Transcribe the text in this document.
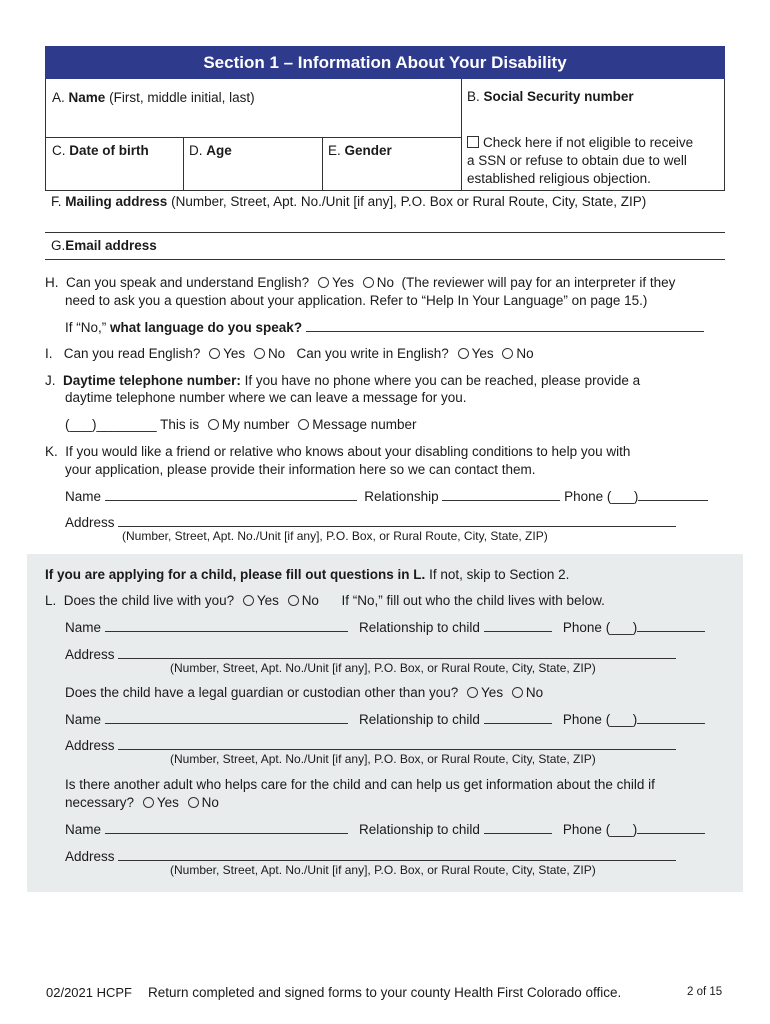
Section 1 – Information About Your Disability
A. Name (First, middle initial, last)	B. Social Security number
Check here if not eligible to receive
a SSN or refuse to obtain due to well
established religious objection.
C. Date of birth	D. Age	E. Gender
F. Mailing address (Number, Street, Apt. No./Unit [if any], P.O. Box or Rural Route, City, State, ZIP)
G.Email address
H. Can you speak and understand English? Yes No (The reviewer will pay for an interpreter if they
need to ask you a question about your application. Refer to “Help In Your Language” on page 15.)
If “No,” what language do you speak?
I. Can you read English? Yes No Can you write in English? Yes No
J. Daytime telephone number: If you have no phone where you can be reached, please provide a
daytime telephone number where we can leave a message for you.
(___)________ This is My number Message number
K. If you would like a friend or relative who knows about your disabling conditions to help you with
your application, please provide their information here so we can contact them.
Name	Relationship	Phone (___)
Address
(Number, Street, Apt. No./Unit [if any], P.O. Box, or Rural Route, City, State, ZIP)
If you are applying for a child, please fill out questions in L. If not, skip to Section 2.
L. Does the child live with you? Yes No If “No,” fill out who the child lives with below.
Name	Relationship to child	Phone (___)
Address
(Number, Street, Apt. No./Unit [if any], P.O. Box, or Rural Route, City, State, ZIP)
Does the child have a legal guardian or custodian other than you? Yes No
Name	Relationship to child	Phone (___)
Address
(Number, Street, Apt. No./Unit [if any], P.O. Box, or Rural Route, City, State, ZIP)
Is there another adult who helps care for the child and can help us get information about the child if
necessary? Yes No
Name	Relationship to child	Phone (___)
Address
(Number, Street, Apt. No./Unit [if any], P.O. Box, or Rural Route, City, State, ZIP)
02/2021 HCPF Return completed and signed forms to your county Health First Colorado office.	2 of 15
